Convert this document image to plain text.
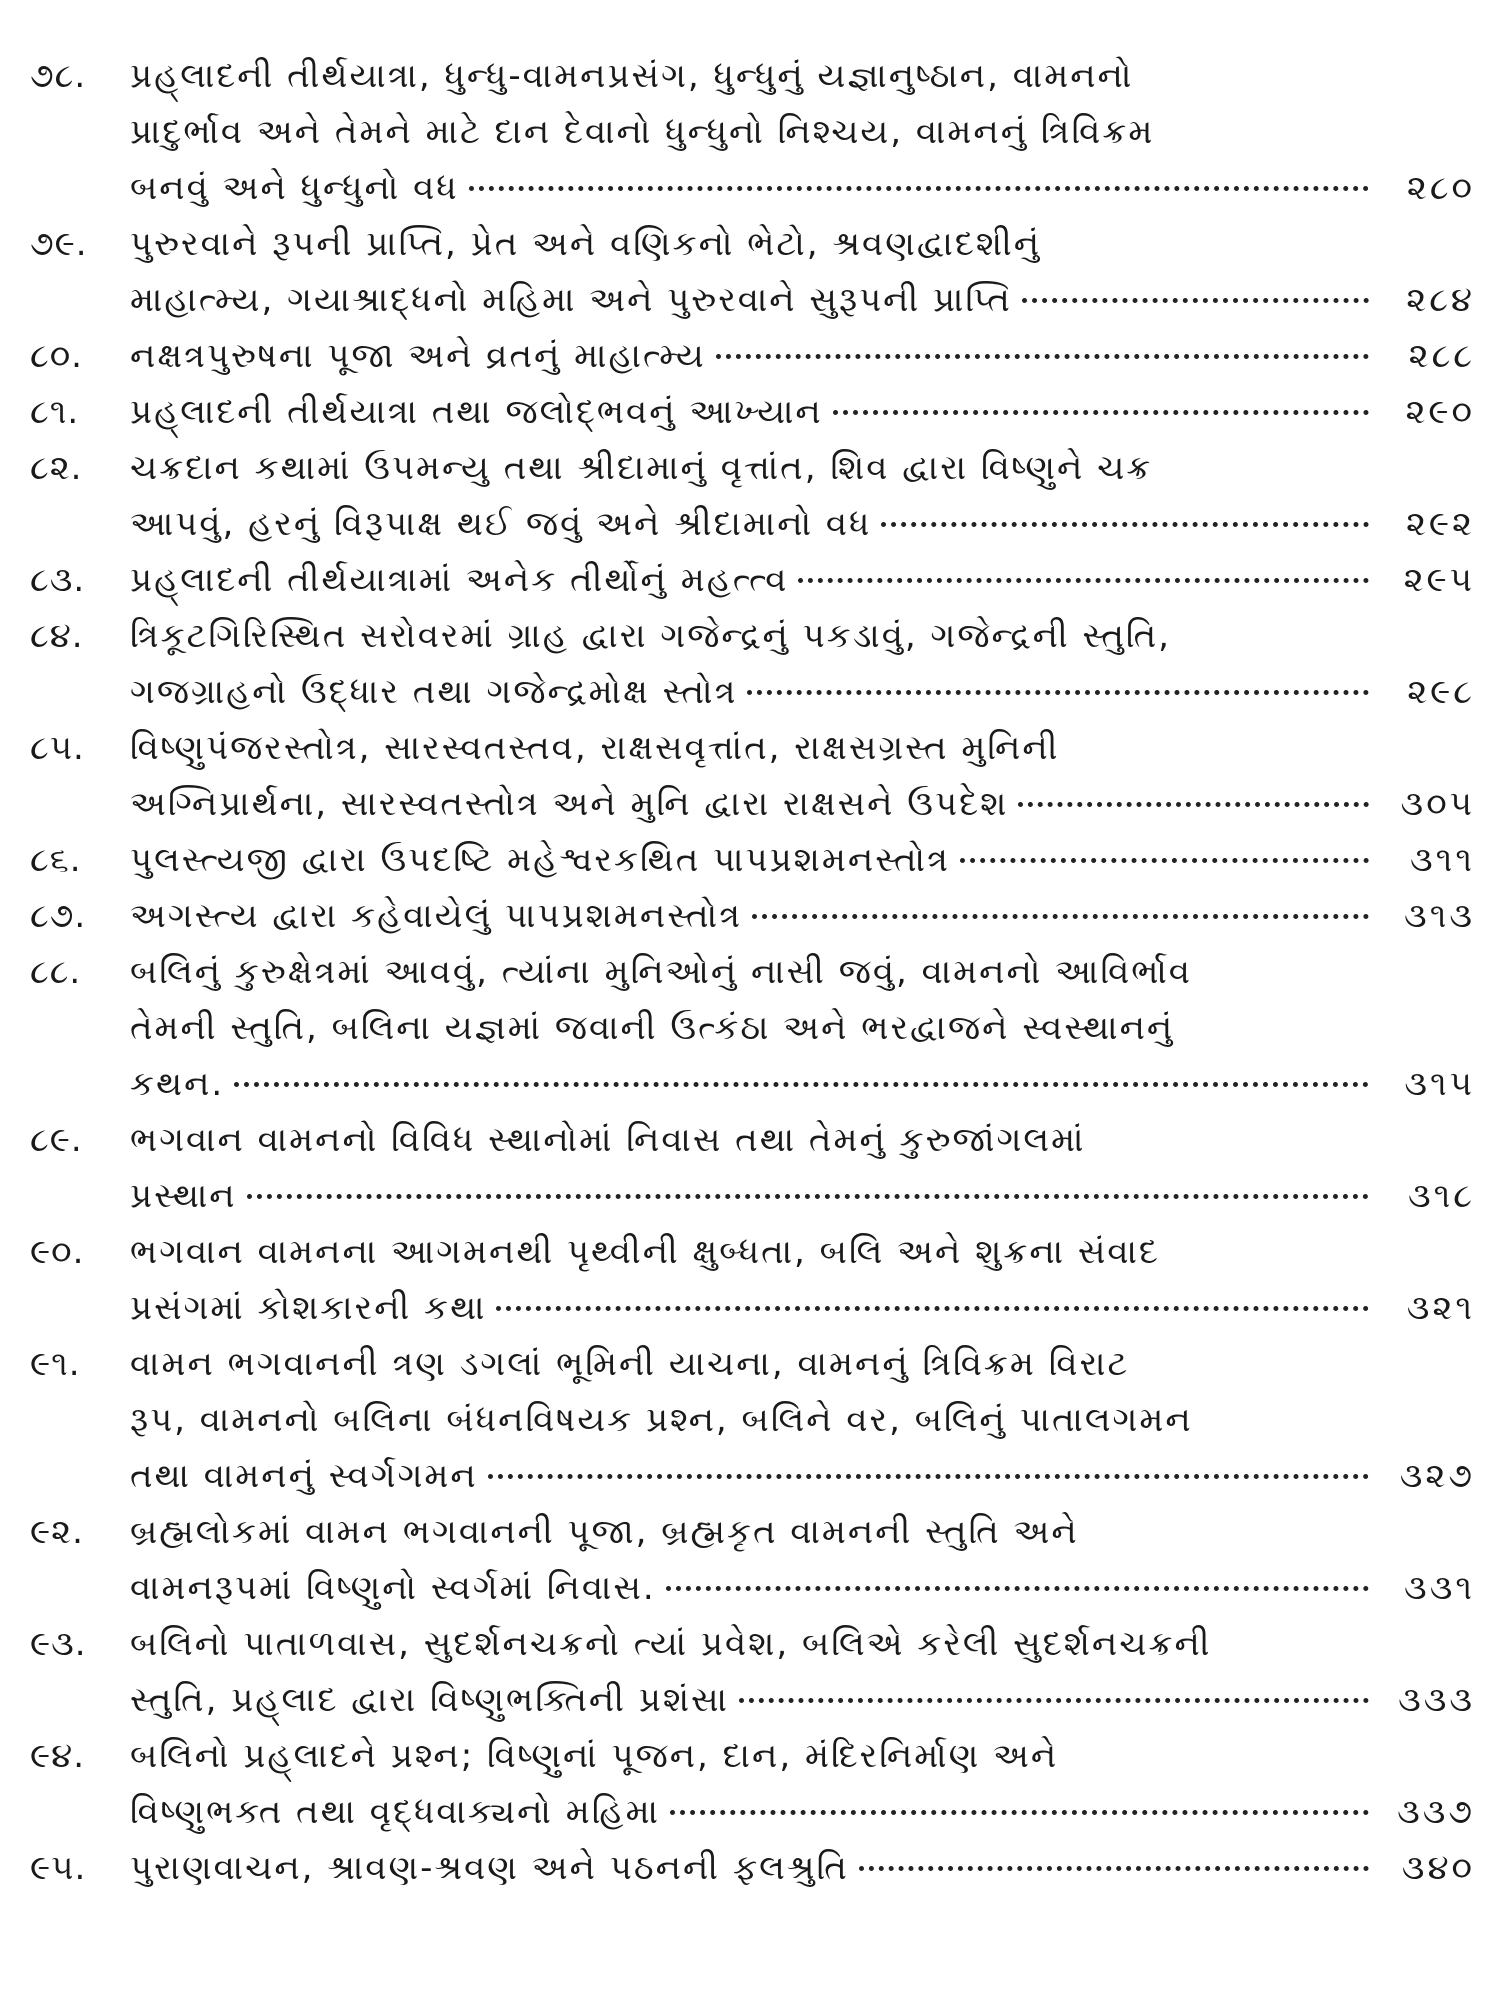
૭૮. પ્રહ્‌લાદની તીર્થયાત્રા, ધુન્ધુ-વામનપ્રસંગ, ધુન્ધુનું યજ્ઞાનુષ્ઠાન, વામનનો
પ્રાદુર્ભાવ અને તેમને માટે દાન દેવાનો ધુન્ધુનો નિશ્ચય, વામનનું ત્રિવિક્રમ
બનવું અને ધુન્ધુનો વધ	૨૮૦
૭૯. પુરુરવાને રૂપની પ્રાપ્તિ, પ્રેત અને વણિકનો ભેટો, શ્રવણદ્વાદશીનું
માહાત્મ્ય, ગયાશ્રાદ્ધનો મહિમા અને પુરુરવાને સુરૂપની પ્રાપ્તિ	૨૮૪
૮૦.	નક્ષત્રપુરુષના પૂજા અને વ્રતનું માહાત્મ્ય	૨૮૮
૮૧.	પ્રહ્‌લાદની તીર્થયાત્રા તથા જલોદ્‌ભવનું આખ્યાન	૨૯૦
૮૨. ચક્રદાન કથામાં ઉપમન્યુ તથા શ્રીદામાનું વૃત્તાંત, શિવ દ્વારા વિષ્ણુને ચક્ર
આપવું, હરનું વિરૂપાક્ષ થઈ જવું અને શ્રીદામાનો વધ	૨૯૨
૮૩.	પ્રહ્‌લાદની તીર્થયાત્રામાં અનેક તીર્થોનું મહત્ત્વ	૨૯૫
૮૪. ત્રિકૂટગિરિસ્થિત સરોવરમાં ગ્રાહ દ્વારા ગજેન્દ્રનું પકડાવું, ગજેન્દ્રની સ્તુતિ,
ગજગ્રાહનો ઉદ્ધાર તથા ગજેન્દ્રમોક્ષ સ્તોત્ર	૨૯૮
૮૫. વિષ્ણુપંજરસ્તોત્ર, સારસ્વતસ્તવ, રાક્ષસવૃત્તાંત, રાક્ષસગ્રસ્ત મુનિની
અગ્નિપ્રાર્થના, સારસ્વતસ્તોત્ર અને મુનિ દ્વારા રાક્ષસને ઉપદેશ	૩૦૫
૮૬.	પુલસ્ત્યજી દ્વારા ઉપદષ્ટિ મહેશ્વરકથિત પાપપ્રશમનસ્તોત્ર	૩૧૧
૮૭.	અગસ્ત્ય દ્વારા કહેવાયેલું પાપપ્રશમનસ્તોત્ર	૩૧૩
૮૮. બલિનું કુરુક્ષેત્રમાં આવવું, ત્યાંના મુનિઓનું નાસી જવું, વામનનો આવિર્ભાવ
તેમની સ્તુતિ, બલિના યજ્ઞમાં જવાની ઉત્કંઠા અને ભરદ્વાજને સ્વસ્થાનનું
કથન.	૩૧૫
૮૯. ભગવાન વામનનો વિવિધ સ્થાનોમાં નિવાસ તથા તેમનું કુરુજાંગલમાં
પ્રસ્થાન	૩૧૮
૯૦. ભગવાન વામનના આગમનથી પૃથ્વીની ક્ષુબ્ધતા, બલિ અને શુક્રના સંવાદ
પ્રસંગમાં કોશકારની કથા	૩૨૧
૯૧. વામન ભગવાનની ત્રણ ડગલાં ભૂમિની યાચના, વામનનું ત્રિવિક્રમ વિરાટ
રૂપ, વામનનો બલિના બંધનવિષયક પ્રશ્ન, બલિને વર, બલિનું પાતાલગમન
તથા વામનનું સ્વર્ગગમન	૩૨૭
૯૨. બ્રહ્મલોકમાં વામન ભગવાનની પૂજા, બ્રહ્મકૃત વામનની સ્તુતિ અને
વામનરૂપમાં વિષ્ણુનો સ્વર્ગમાં નિવાસ.	૩૩૧
૯૩. બલિનો પાતાળવાસ, સુદર્શનચક્રનો ત્યાં પ્રવેશ, બલિએ કરેલી સુદર્શનચક્રની
સ્તુતિ, પ્રહ્‌લાદ દ્વારા વિષ્ણુભક્તિની પ્રશંસા	૩૩૩
૯૪. બલિનો પ્રહ્‌લાદને પ્રશ્ન; વિષ્ણુનાં પૂજન, દાન, મંદિરનિર્માણ અને
વિષ્ણુભક્ત તથા વૃદ્ધવાક્યનો મહિમા	૩૩૭
૯૫.	પુરાણવાચન, શ્રાવણ-શ્રવણ અને પઠનની ફલશ્રુતિ	૩૪૦
